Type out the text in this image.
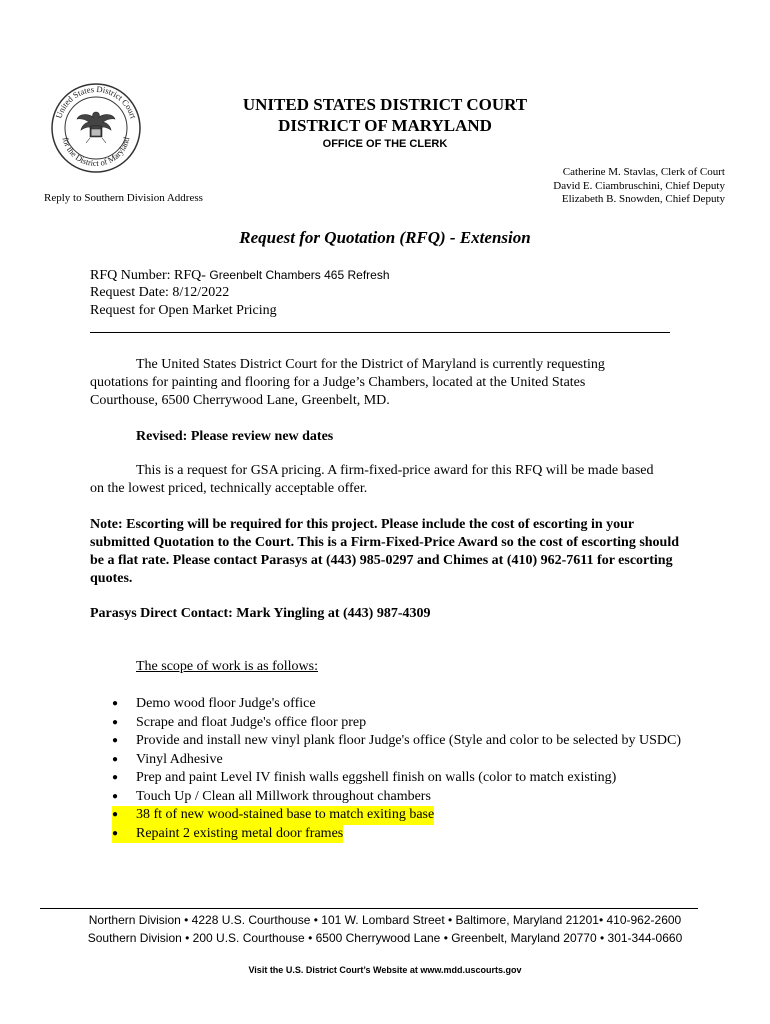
United States District Court
for the District of Maryland
UNITED STATES DISTRICT COURT
DISTRICT OF MARYLAND
OFFICE OF THE CLERK
Catherine M. Stavlas, Clerk of Court
David E. Ciambruschini, Chief Deputy
Elizabeth B. Snowden, Chief Deputy
Reply to Southern Division Address
Request for Quotation (RFQ) - Extension
RFQ Number: RFQ- Greenbelt Chambers 465 Refresh
Request Date: 8/12/2022
Request for Open Market Pricing
The United States District Court for the District of Maryland is currently requesting quotations for painting and flooring for a Judge’s Chambers, located at the United States Courthouse, 6500 Cherrywood Lane, Greenbelt, MD.
Revised: Please review new dates
This is a request for GSA pricing. A firm-fixed-price award for this RFQ will be made based on the lowest priced, technically acceptable offer.
Note: Escorting will be required for this project. Please include the cost of escorting in your submitted Quotation to the Court. This is a Firm-Fixed-Price Award so the cost of escorting should be a flat rate. Please contact Parasys at (443) 985-0297 and Chimes at (410) 962-7611 for escorting quotes.
Parasys Direct Contact: Mark Yingling at (443) 987-4309
The scope of work is as follows:
●	Demo wood floor Judge's office
●	Scrape and float Judge's office floor prep
●	Provide and install new vinyl plank floor Judge's office (Style and color to be selected by USDC)
●	Vinyl Adhesive
●	Prep and paint Level IV finish walls eggshell finish on walls (color to match existing)
●	Touch Up / Clean all Millwork throughout chambers
●	38 ft of new wood-stained base to match exiting base
●	Repaint 2 existing metal door frames
Northern Division • 4228 U.S. Courthouse • 101 W. Lombard Street • Baltimore, Maryland 21201• 410-962-2600
Southern Division • 200 U.S. Courthouse • 6500 Cherrywood Lane • Greenbelt, Maryland 20770 • 301-344-0660
Visit the U.S. District Court’s Website at www.mdd.uscourts.gov
